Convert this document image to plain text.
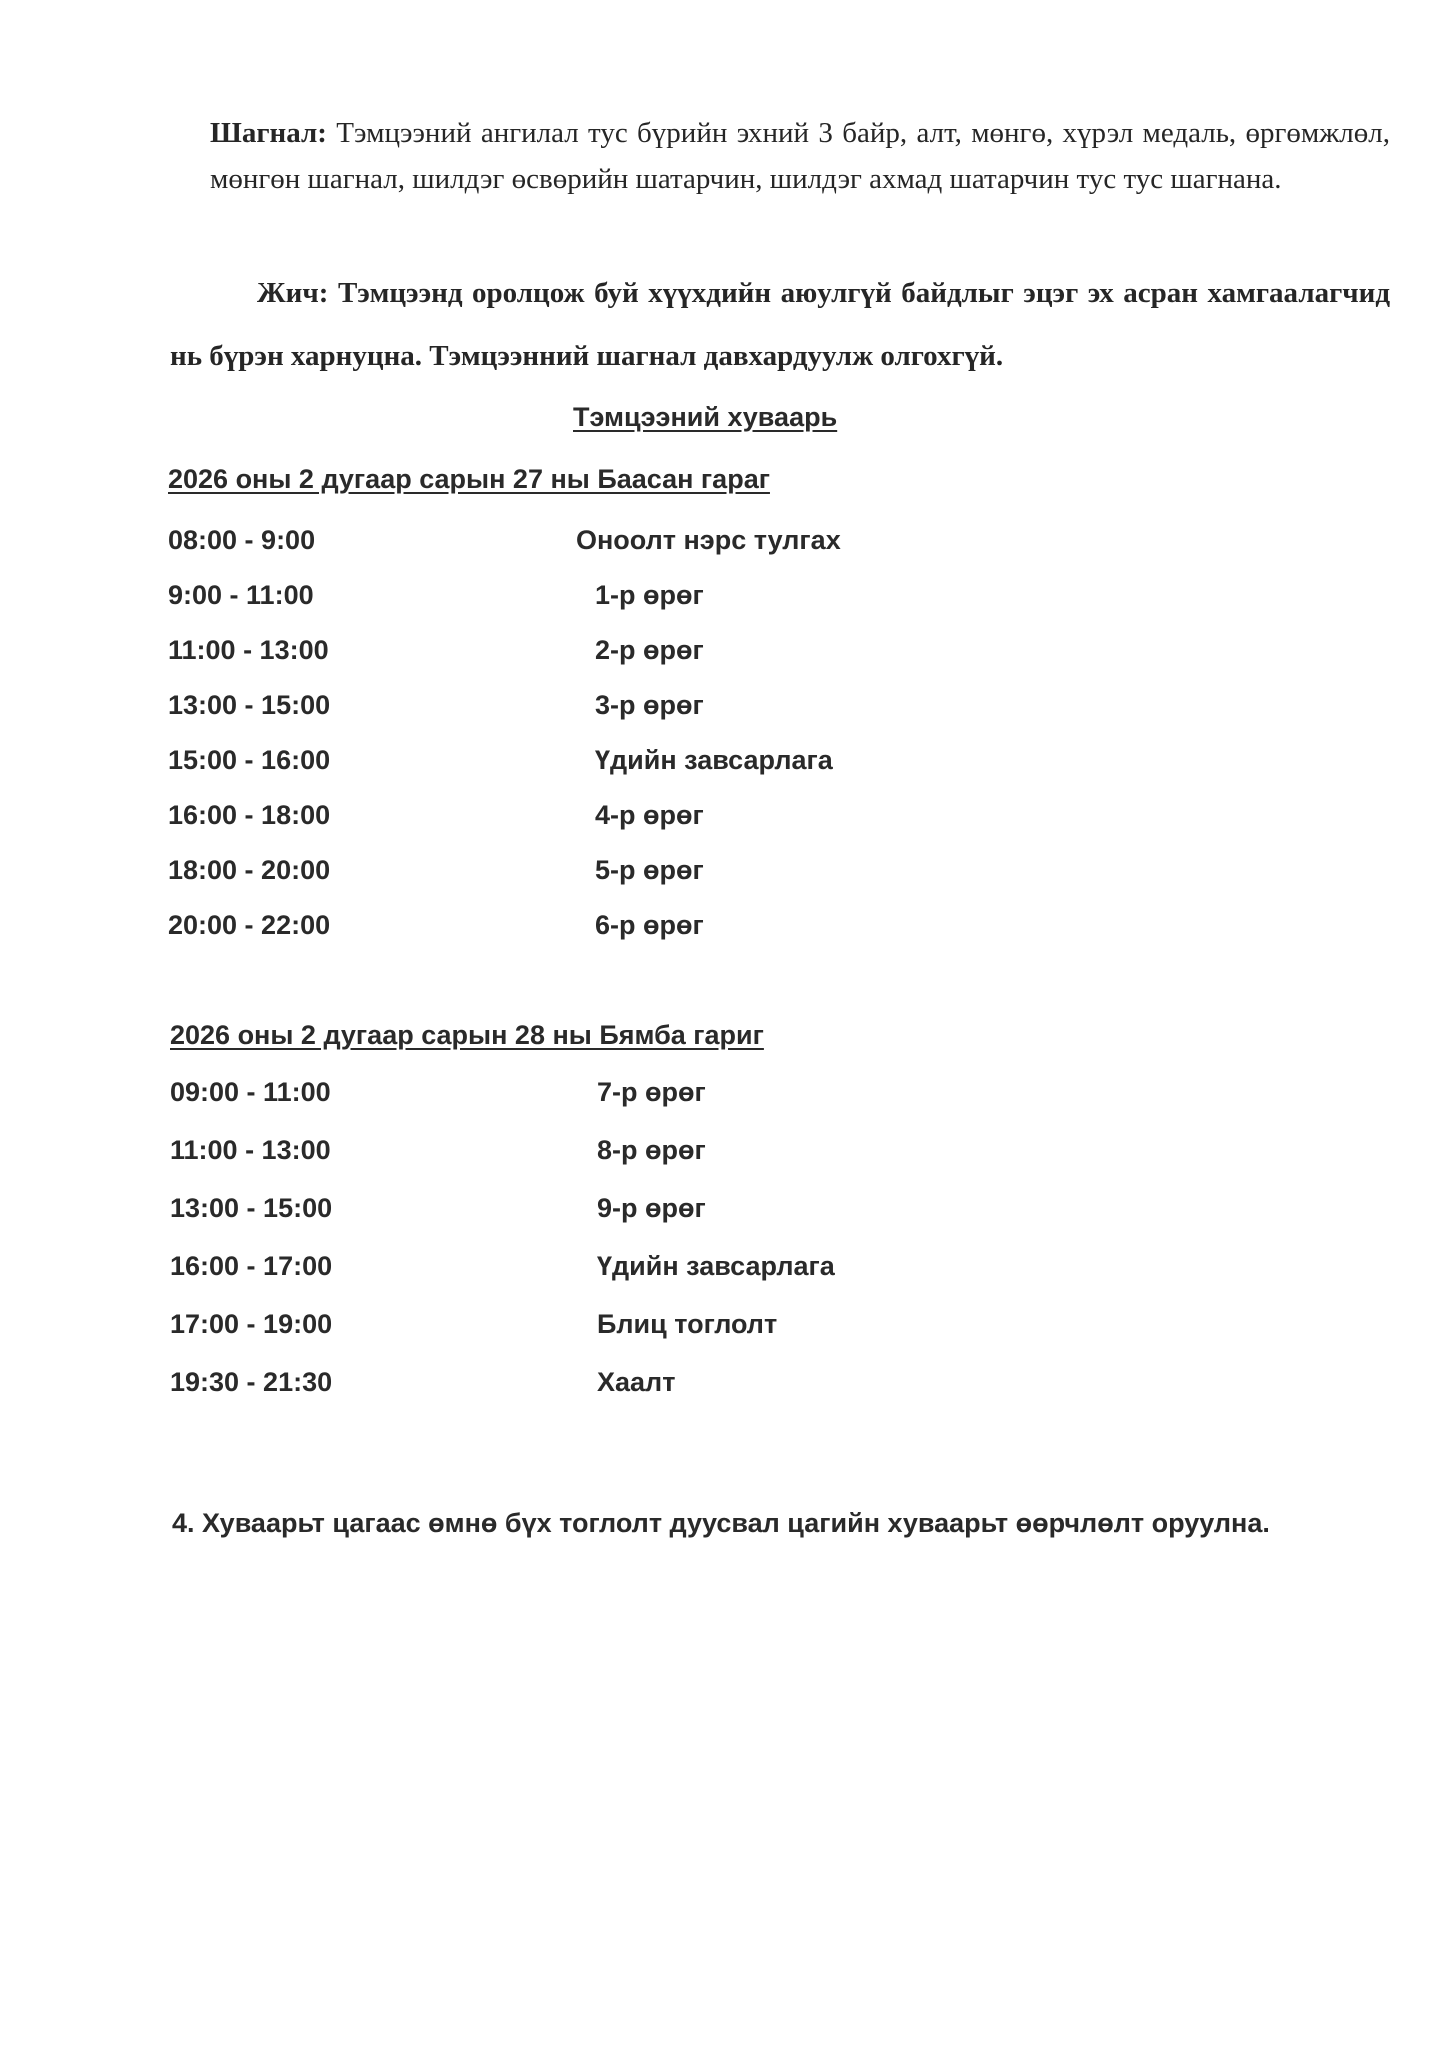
Шагнал: Тэмцээний ангилал тус бүрийн эхний 3 байр, алт, мөнгө, хүрэл медаль, өргөмжлөл, мөнгөн шагнал, шилдэг өсвөрийн шатарчин, шилдэг ахмад шатарчин тус тус шагнана.
Жич: Тэмцээнд оролцож буй хүүхдийн аюулгүй байдлыг эцэг эх асран хамгаалагчид нь бүрэн харнуцна. Тэмцээнний шагнал давхардуулж олгохгүй.
Тэмцээний хуваарь
2026 оны 2 дугаар сарын 27 ны Баасан гараг
08:00 - 9:00	Оноолт нэрс тулгах
9:00 - 11:00	1-р өрөг
11:00 - 13:00	2-р өрөг
13:00 - 15:00	3-р өрөг
15:00 - 16:00	Үдийн завсарлага
16:00 - 18:00	4-р өрөг
18:00 - 20:00	5-р өрөг
20:00 - 22:00	6-р өрөг
2026 оны 2 дугаар сарын 28 ны Бямба гариг
09:00 - 11:00	7-р өрөг
11:00 - 13:00	8-р өрөг
13:00 - 15:00	9-р өрөг
16:00 - 17:00	Үдийн завсарлага
17:00 - 19:00	Блиц тоглолт
19:30 - 21:30	Хаалт
4. Хуваарьт цагаас өмнө бүх тоглолт дуусвал цагийн хуваарьт өөрчлөлт оруулна.
